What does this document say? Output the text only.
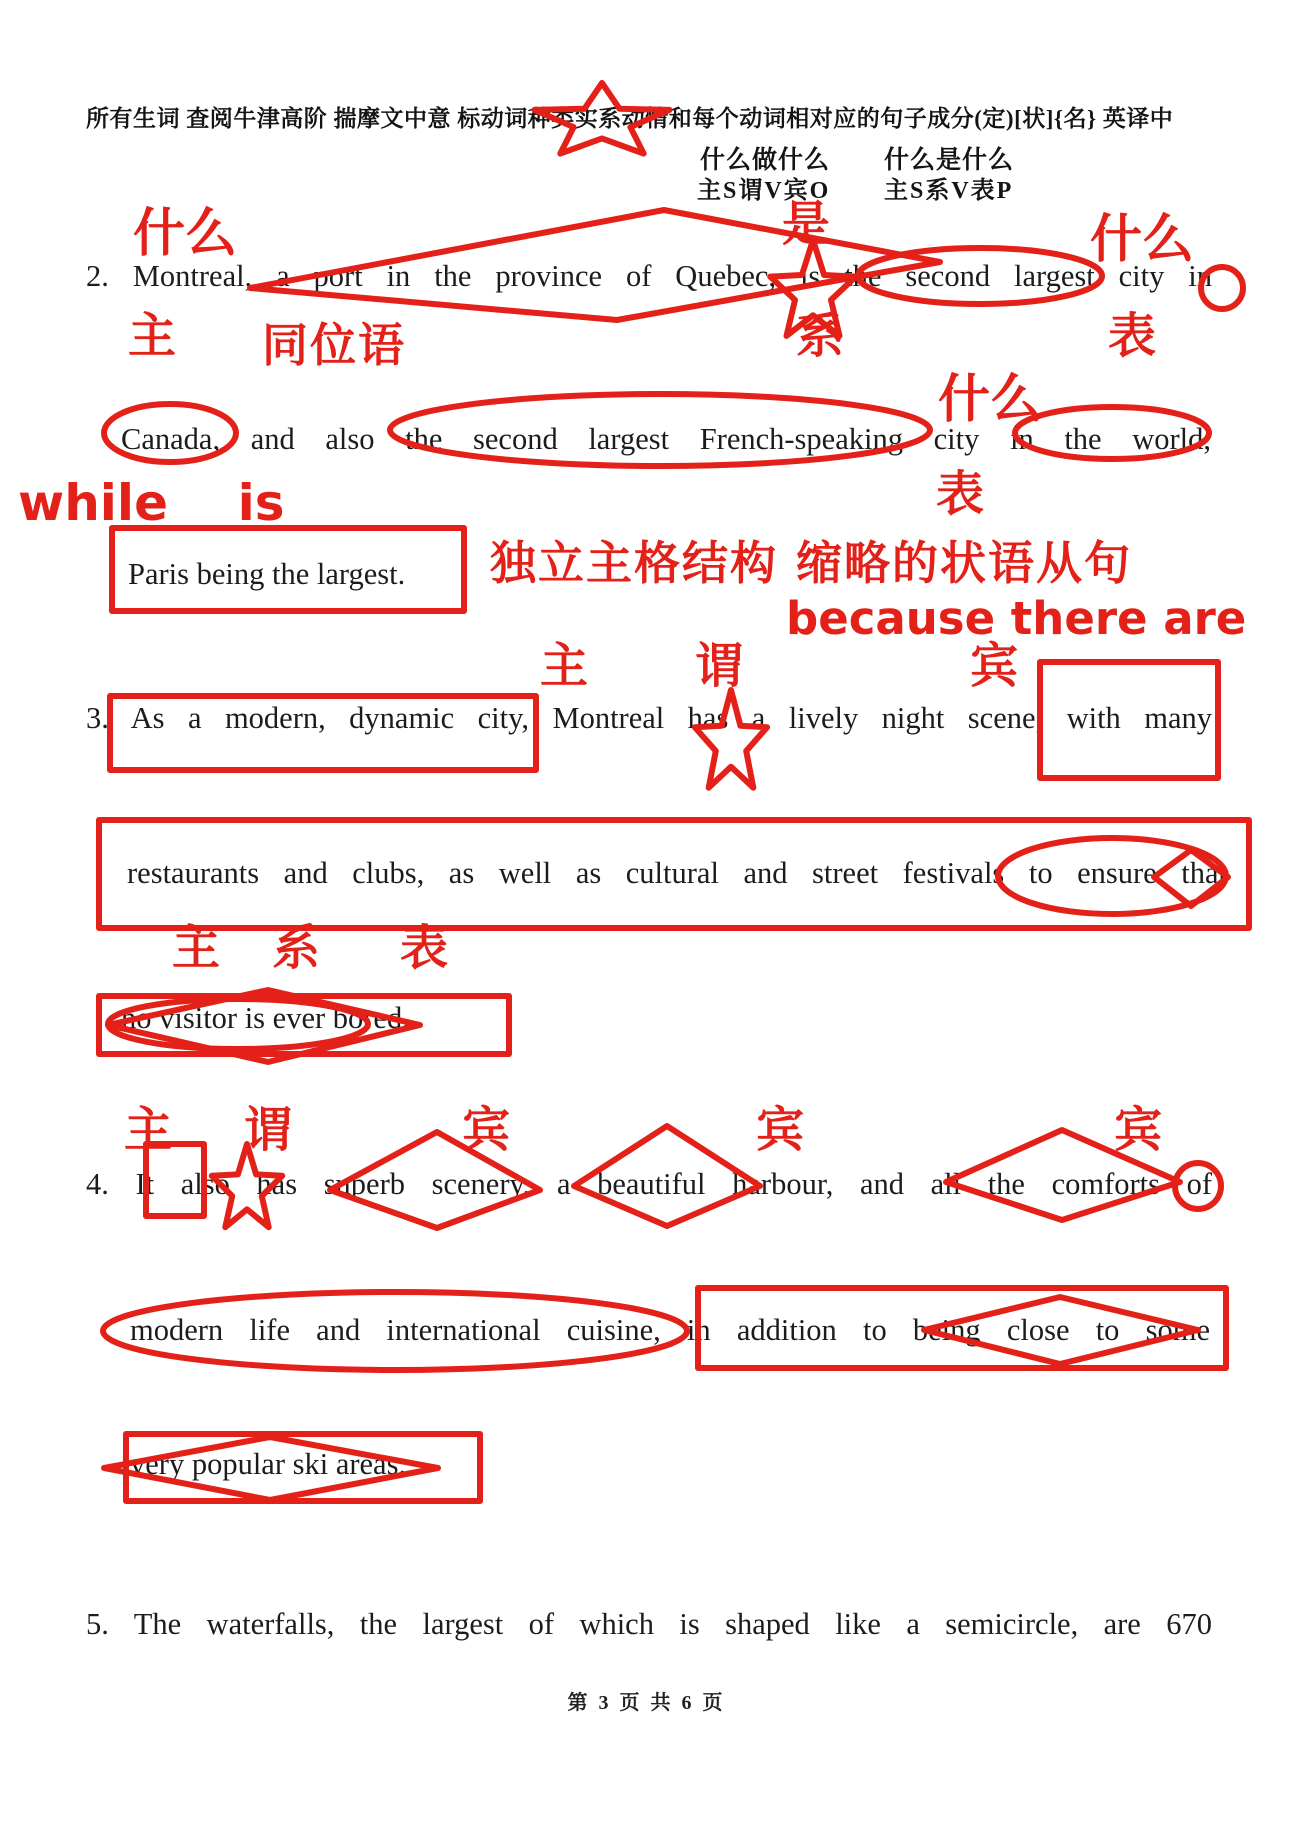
所有生词 查阅牛津高阶 揣摩文中意 标动词种类实系动情和每个动词相对应的句子成分(定)[状]{名} 英译中
什么做什么 什么是什么
主S谓V宾O 主S系V表P
2. Montreal, a port in the province of Quebec, is the second largest city in
Canada, and also the second largest French-speaking city in the world,
Paris being the largest.
3. As a modern, dynamic city, Montreal has a lively night scene, with many
restaurants and clubs, as well as cultural and street festivals to ensure that
no visitor is ever bored.
4. It also has superb scenery, a beautiful harbour, and all the comforts of
modern life and international cuisine, in addition to being close to some
very popular ski areas.
5. The waterfalls, the largest of which is shaped like a semicircle, are 670
第 3 页 共 6 页
什么	是	什么
主 同位语	系	表
什么
表
while    is
独立主格结构 缩略的状语从句
because there are
主 谓	宾
主 系 表
主 谓	宾	宾	宾
